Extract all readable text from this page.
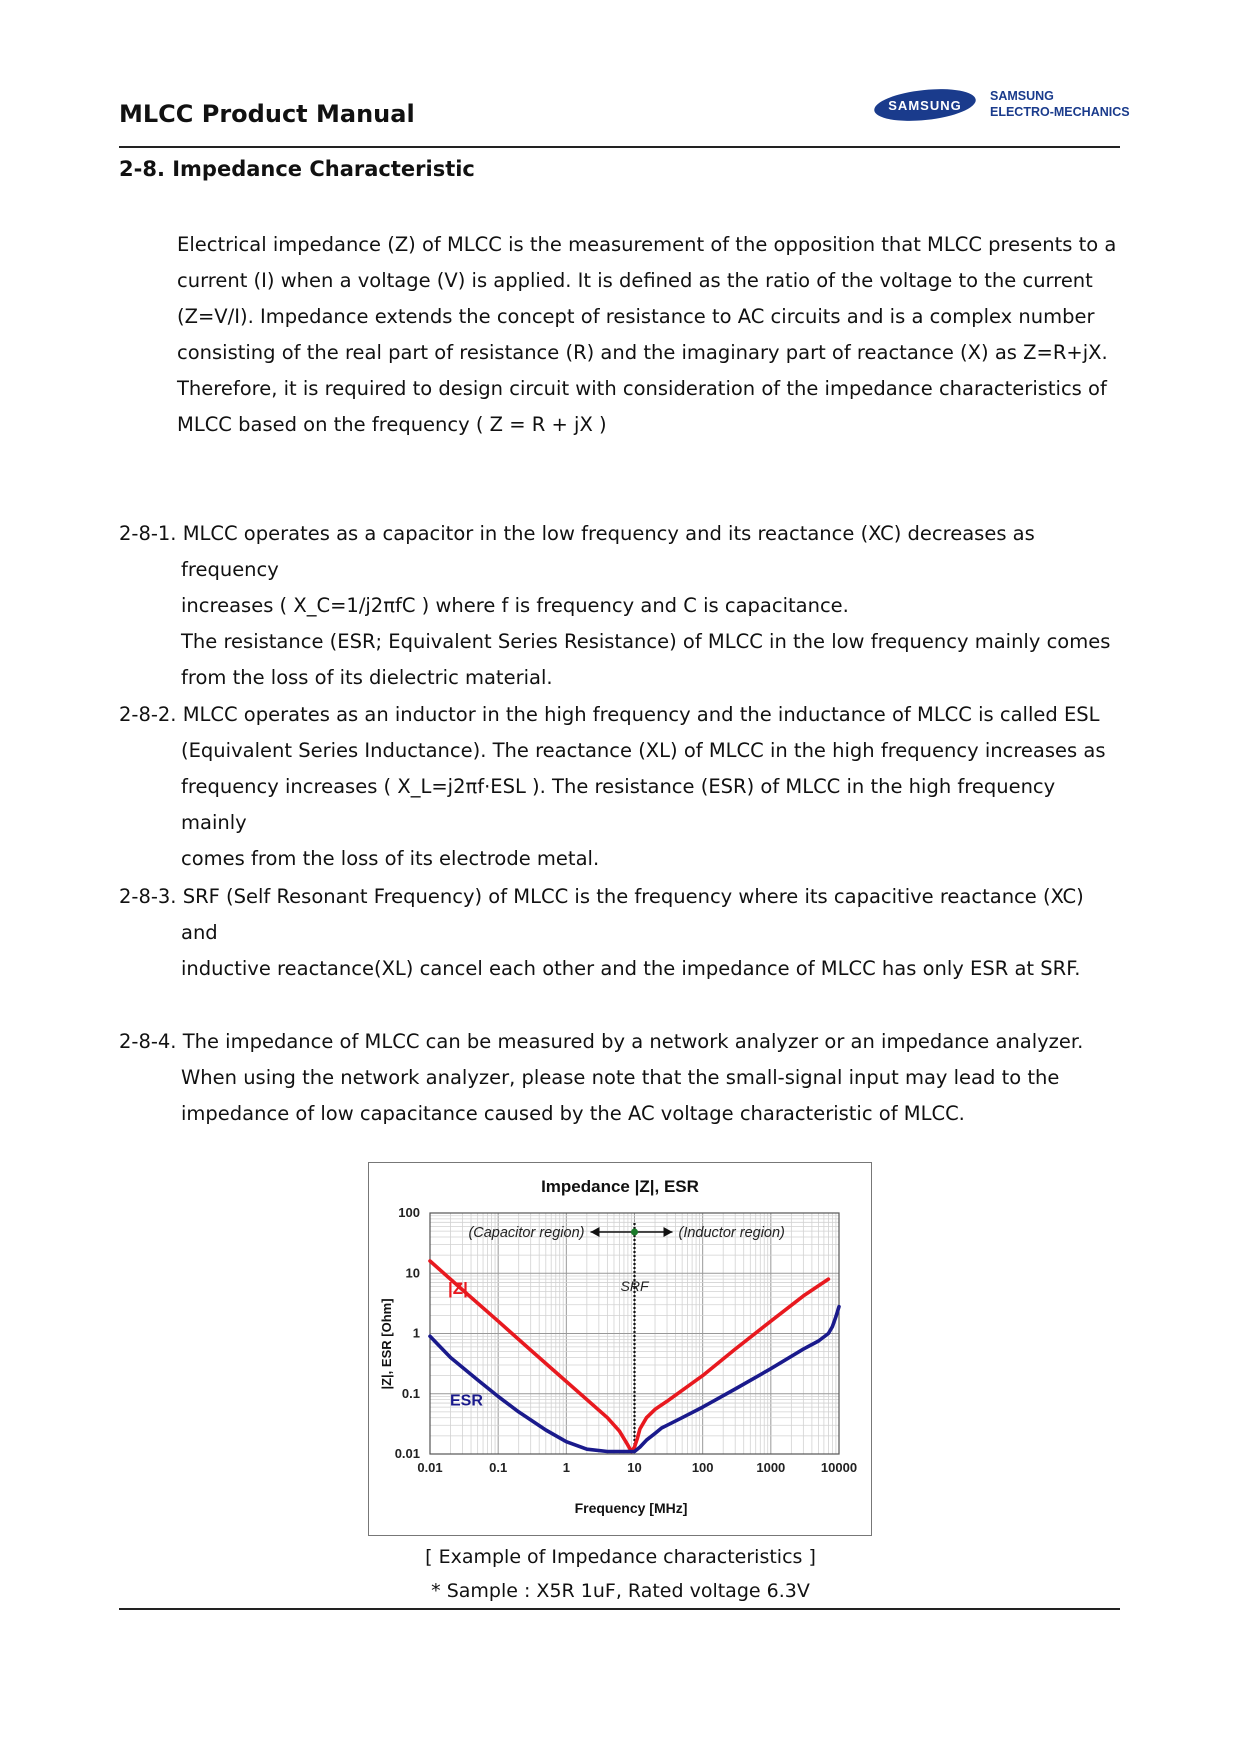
MLCC Product Manual	SAMSUNG
SAMSUNG
ELECTRO-MECHANICS
2-8. Impedance Characteristic

Electrical impedance (Z) of MLCC is the measurement of the opposition that MLCC presents to a

current (I) when a voltage (V) is applied. It is defined as the ratio of the voltage to the current

(Z=V/I). Impedance extends the concept of resistance to AC circuits and is a complex number

consisting of the real part of resistance (R) and the imaginary part of reactance (X) as Z=R+jX.

Therefore, it is required to design circuit with consideration of the impedance characteristics of

MLCC based on the frequency ( Z = R + jX )

2-8-1. MLCC operates as a capacitor in the low frequency and its reactance (XC) decreases as frequency

increases ( X_C=1/j2πfC ) where f is frequency and C is capacitance.

The resistance (ESR; Equivalent Series Resistance) of MLCC in the low frequency mainly comes

from the loss of its dielectric material.

2-8-2. MLCC operates as an inductor in the high frequency and the inductance of MLCC is called ESL

(Equivalent Series Inductance). The reactance (XL) of MLCC in the high frequency increases as

frequency increases ( X_L=j2πf·ESL ). The resistance (ESR) of MLCC in the high frequency mainly

comes from the loss of its electrode metal.

2-8-3. SRF (Self Resonant Frequency) of MLCC is the frequency where its capacitive reactance (XC) and

inductive reactance(XL) cancel each other and the impedance of MLCC has only ESR at SRF.

2-8-4. The impedance of MLCC can be measured by a network analyzer or an impedance analyzer.

When using the network analyzer, please note that the small-signal input may lead to the

impedance of low capacitance caused by the AC voltage characteristic of MLCC.

Impedance |Z|, ESR
0.01	0.1	1	10	100	1000	10000
100
10
1
0.1
0.01
SRF
(Capacitor region)	(Inductor region)
|Z|
ESR
Frequency [MHz]
|Z|, ESR [Ohm]
[ Example of Impedance characteristics ]
* Sample : X5R 1uF, Rated voltage 6.3V
